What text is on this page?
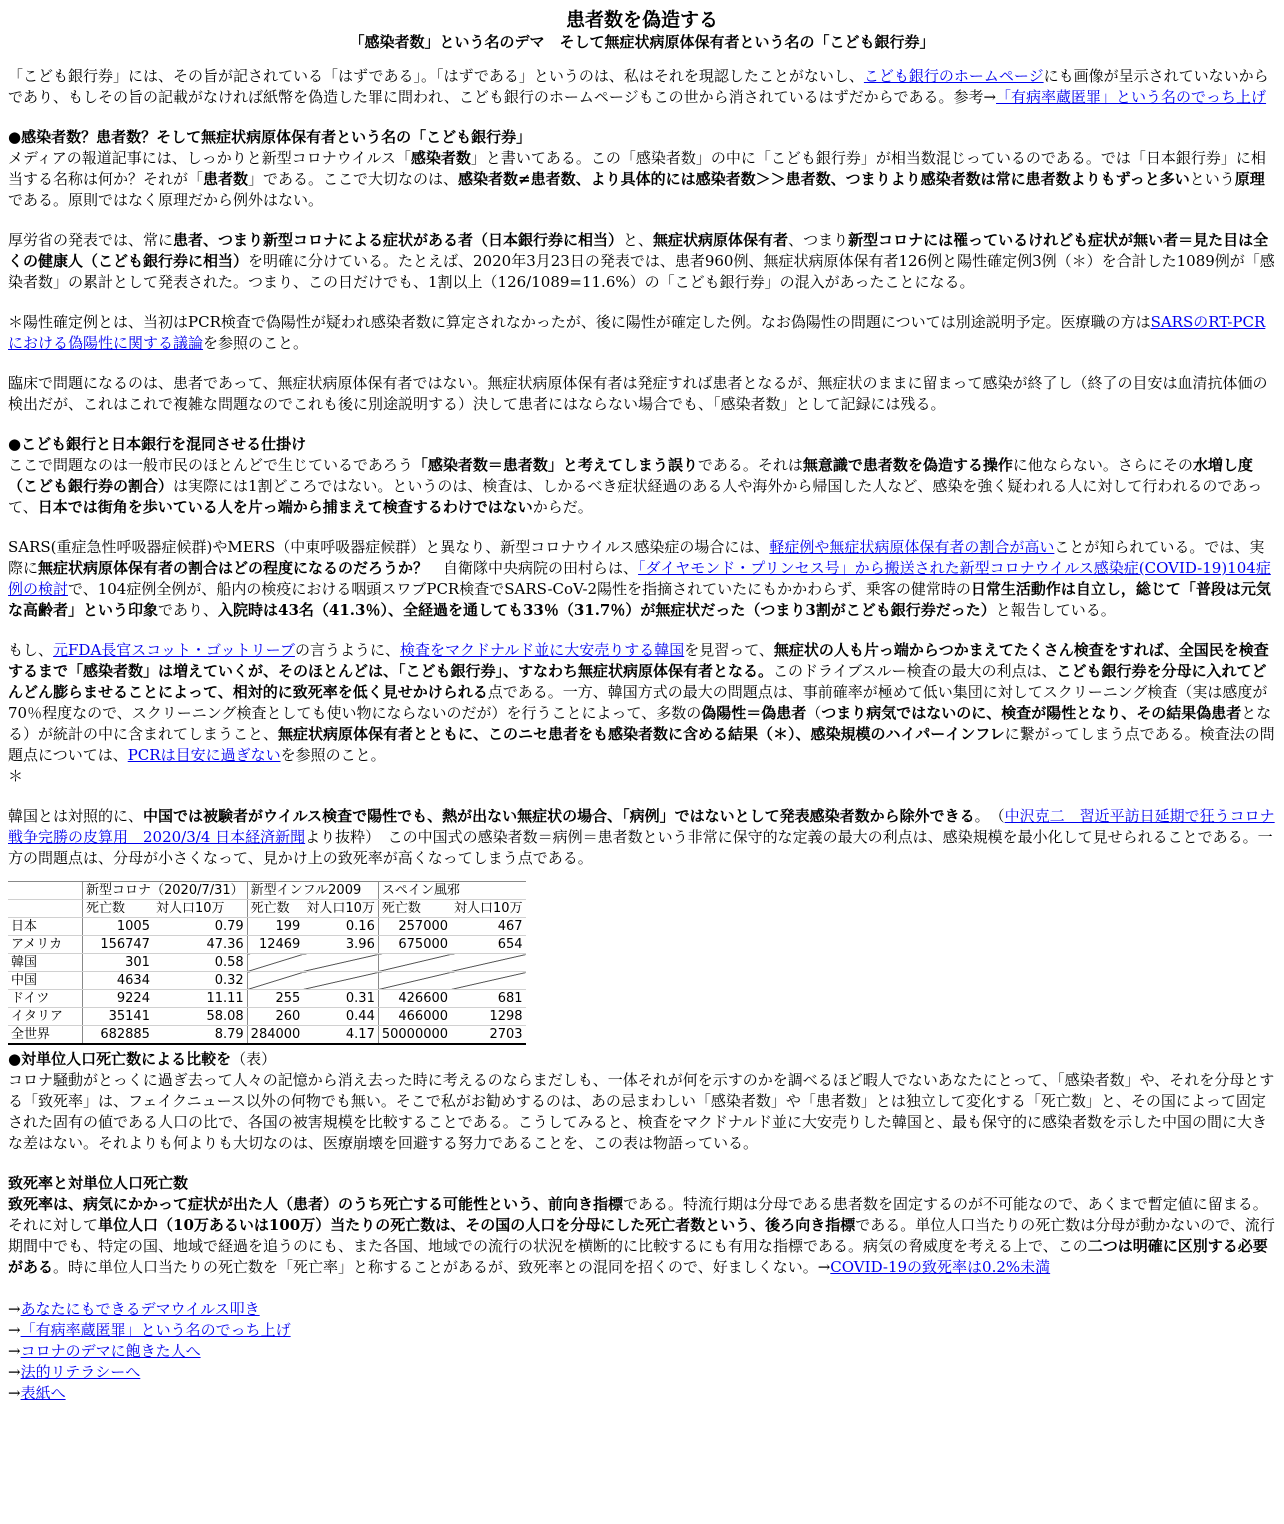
患者数を偽造する
「感染者数」という名のデマ　そして無症状病原体保有者という名の「こども銀行券」

「こども銀行券」には、その旨が記されている「はずである」。「はずである」というのは、私はそれを現認したことがないし、こども銀行のホームページにも画像が呈示されていないからであり、もしその旨の記載がなければ紙幣を偽造した罪に問われ、こども銀行のホームページもこの世から消されているはずだからである。参考→「有病率蔵匿罪」という名のでっち上げ

●感染者数？患者数？そして無症状病原体保有者という名の「こども銀行券」
メディアの報道記事には、しっかりと新型コロナウイルス「感染者数」と書いてある。この「感染者数」の中に「こども銀行券」が相当数混じっているのである。では「日本銀行券」に相当する名称は何か？それが「患者数」である。ここで大切なのは、感染者数≠患者数、より具体的には感染者数＞＞患者数、つまりより感染者数は常に患者数よりもずっと多いという原理である。原則ではなく原理だから例外はない。

厚労省の発表では、常に患者、つまり新型コロナによる症状がある者（日本銀行券に相当）と、無症状病原体保有者、つまり新型コロナには罹っているけれども症状が無い者＝見た目は全くの健康人（こども銀行券に相当）を明確に分けている。たとえば、2020年3月23日の発表では、患者960例、無症状病原体保有者126例と陽性確定例3例（＊）を合計した1089例が「感染者数」の累計として発表された。つまり、この日だけでも、1割以上（126/1089=11.6%）の「こども銀行券」の混入があったことになる。

＊陽性確定例とは、当初はPCR検査で偽陽性が疑われ感染者数に算定されなかったが、後に陽性が確定した例。なお偽陽性の問題については別途説明予定。医療職の方はSARSのRT-PCRにおける偽陽性に関する議論を参照のこと。

臨床で問題になるのは、患者であって、無症状病原体保有者ではない。無症状病原体保有者は発症すれば患者となるが、無症状のままに留まって感染が終了し（終了の目安は血清抗体価の検出だが、これはこれで複雑な問題なのでこれも後に別途説明する）決して患者にはならない場合でも、「感染者数」として記録には残る。

●こども銀行と日本銀行を混同させる仕掛け
ここで問題なのは一般市民のほとんどで生じているであろう「感染者数＝患者数」と考えてしまう誤りである。それは無意識で患者数を偽造する操作に他ならない。さらにその水増し度（こども銀行券の割合）は実際には1割どころではない。というのは、検査は、しかるべき症状経過のある人や海外から帰国した人など、感染を強く疑われる人に対して行われるのであって、日本では街角を歩いている人を片っ端から捕まえて検査するわけではないからだ。

SARS(重症急性呼吸器症候群)やMERS（中東呼吸器症候群）と異なり、新型コロナウイルス感染症の場合には、軽症例や無症状病原体保有者の割合が高いことが知られている。では、実際に無症状病原体保有者の割合はどの程度になるのだろうか？　自衛隊中央病院の田村らは、「ダイヤモンド・プリンセス号」から搬送された新型コロナウイルス感染症(COVID-19)104症例の検討で、104症例全例が、船内の検疫における咽頭スワブPCR検査でSARS-CoV-2陽性を指摘されていたにもかかわらず、乗客の健常時の日常生活動作は自立し，総じて「普段は元気な高齢者」という印象であり、入院時は43名（41.3％）、全経過を通しても33％（31.7％）が無症状だった（つまり3割がこども銀行券だった）と報告している。

もし、元FDA長官スコット・ゴットリーブの言うように、検査をマクドナルド並に大安売りする韓国を見習って、無症状の人も片っ端からつかまえてたくさん検査をすれば、全国民を検査するまで「感染者数」は増えていくが、そのほとんどは、「こども銀行券」、すなわち無症状病原体保有者となる。このドライブスルー検査の最大の利点は、こども銀行券を分母に入れてどんどん膨らませることによって、相対的に致死率を低く見せかけられる点である。一方、韓国方式の最大の問題点は、事前確率が極めて低い集団に対してスクリーニング検査（実は感度が70％程度なので、スクリーニング検査としても使い物にならないのだが）を行うことによって、多数の偽陽性＝偽患者（つまり病気ではないのに、検査が陽性となり、その結果偽患者となる）が統計の中に含まれてしまうこと、無症状病原体保有者とともに、このニセ患者をも感染者数に含める結果（＊）、感染規模のハイパーインフレに繋がってしまう点である。検査法の問題点については、PCRは目安に過ぎないを参照のこと。
＊

韓国とは対照的に、中国では被験者がウイルス検査で陽性でも、熱が出ない無症状の場合、「病例」ではないとして発表感染者数から除外できる。　（中沢克二　習近平訪日延期で狂うコロナ戦争完勝の皮算用　2020/3/4 日本経済新聞より抜粋）　この中国式の感染者数＝病例＝患者数という非常に保守的な定義の最大の利点は、感染規模を最小化して見せられることである。一方の問題点は、分母が小さくなって、見かけ上の致死率が高くなってしまう点である。

	新型コロナ（2020/7/31）		新型インフル2009		スペイン風邪	
	死亡数	対人口10万	死亡数	対人口10万	死亡数	対人口10万
日本	1005	0.79	199	0.16	257000	467
アメリカ	156747	47.36	12469	3.96	675000	654
韓国	301	0.58				
中国	4634	0.32				
ドイツ	9224	11.11	255	0.31	426600	681
イタリア	35141	58.08	260	0.44	466000	1298
全世界	682885	8.79	284000	4.17	50000000	2703

●対単位人口死亡数による比較を（表）
コロナ騒動がとっくに過ぎ去って人々の記憶から消え去った時に考えるのならまだしも、一体それが何を示すのかを調べるほど暇人でないあなたにとって、「感染者数」や、それを分母とする「致死率」は、フェイクニュース以外の何物でも無い。そこで私がお勧めするのは、あの忌まわしい「感染者数」や「患者数」とは独立して変化する「死亡数」と、その国によって固定された固有の値である人口の比で、各国の被害規模を比較することである。こうしてみると、検査をマクドナルド並に大安売りした韓国と、最も保守的に感染者数を示した中国の間に大きな差はない。それよりも何よりも大切なのは、医療崩壊を回避する努力であることを、この表は物語っている。

致死率と対単位人口死亡数
致死率は、病気にかかって症状が出た人（患者）のうち死亡する可能性という、前向き指標である。特流行期は分母である患者数を固定するのが不可能なので、あくまで暫定値に留まる。それに対して単位人口（10万あるいは100万）当たりの死亡数は、その国の人口を分母にした死亡者数という、後ろ向き指標である。単位人口当たりの死亡数は分母が動かないので、流行期間中でも、特定の国、地域で経過を追うのにも、また各国、地域での流行の状況を横断的に比較するにも有用な指標である。病気の脅威度を考える上で、この二つは明確に区別する必要がある。時に単位人口当たりの死亡数を「死亡率」と称することがあるが、致死率との混同を招くので、好ましくない。→COVID-19の致死率は0.2%未満

→あなたにもできるデマウイルス叩き
→「有病率蔵匿罪」という名のでっち上げ
→コロナのデマに飽きた人へ
→法的リテラシーへ
→表紙へ
